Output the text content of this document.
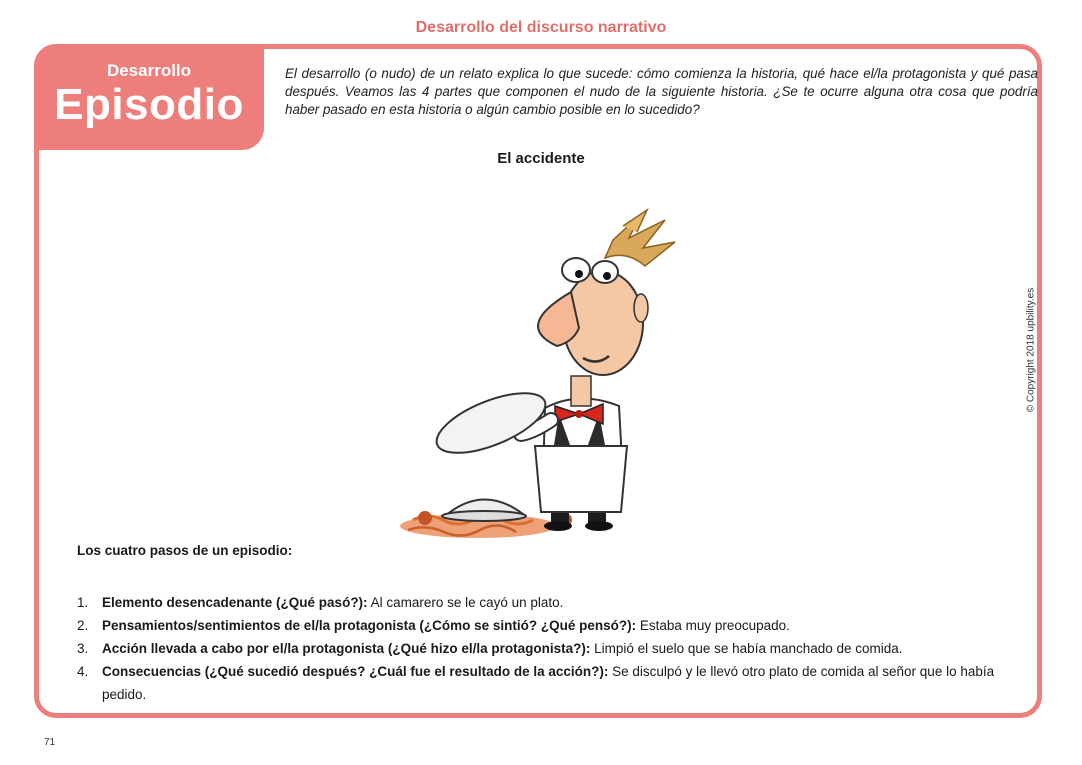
Desarrollo del discurso narrativo
Desarrollo
Episodio
El desarrollo (o nudo) de un relato explica lo que sucede: cómo comienza la historia, qué hace el/la protagonista y qué pasa después. Veamos las 4 partes que componen el nudo de la siguiente historia. ¿Se te ocurre alguna otra cosa que podría haber pasado en esta historia o algún cambio posible en lo sucedido?
El accidente
© Copyright 2018 upbility.es
Los cuatro pasos de un episodio:
1. Elemento desencadenante (¿Qué pasó?): Al camarero se le cayó un plato.
2. Pensamientos/sentimientos de el/la protagonista (¿Cómo se sintió? ¿Qué pensó?): Estaba muy preocupado.
3. Acción llevada a cabo por el/la protagonista (¿Qué hizo el/la protagonista?): Limpió el suelo que se había manchado de comida.
4. Consecuencias (¿Qué sucedió después? ¿Cuál fue el resultado de la acción?): Se disculpó y le llevó otro plato de comida al señor que lo había pedido.
71
